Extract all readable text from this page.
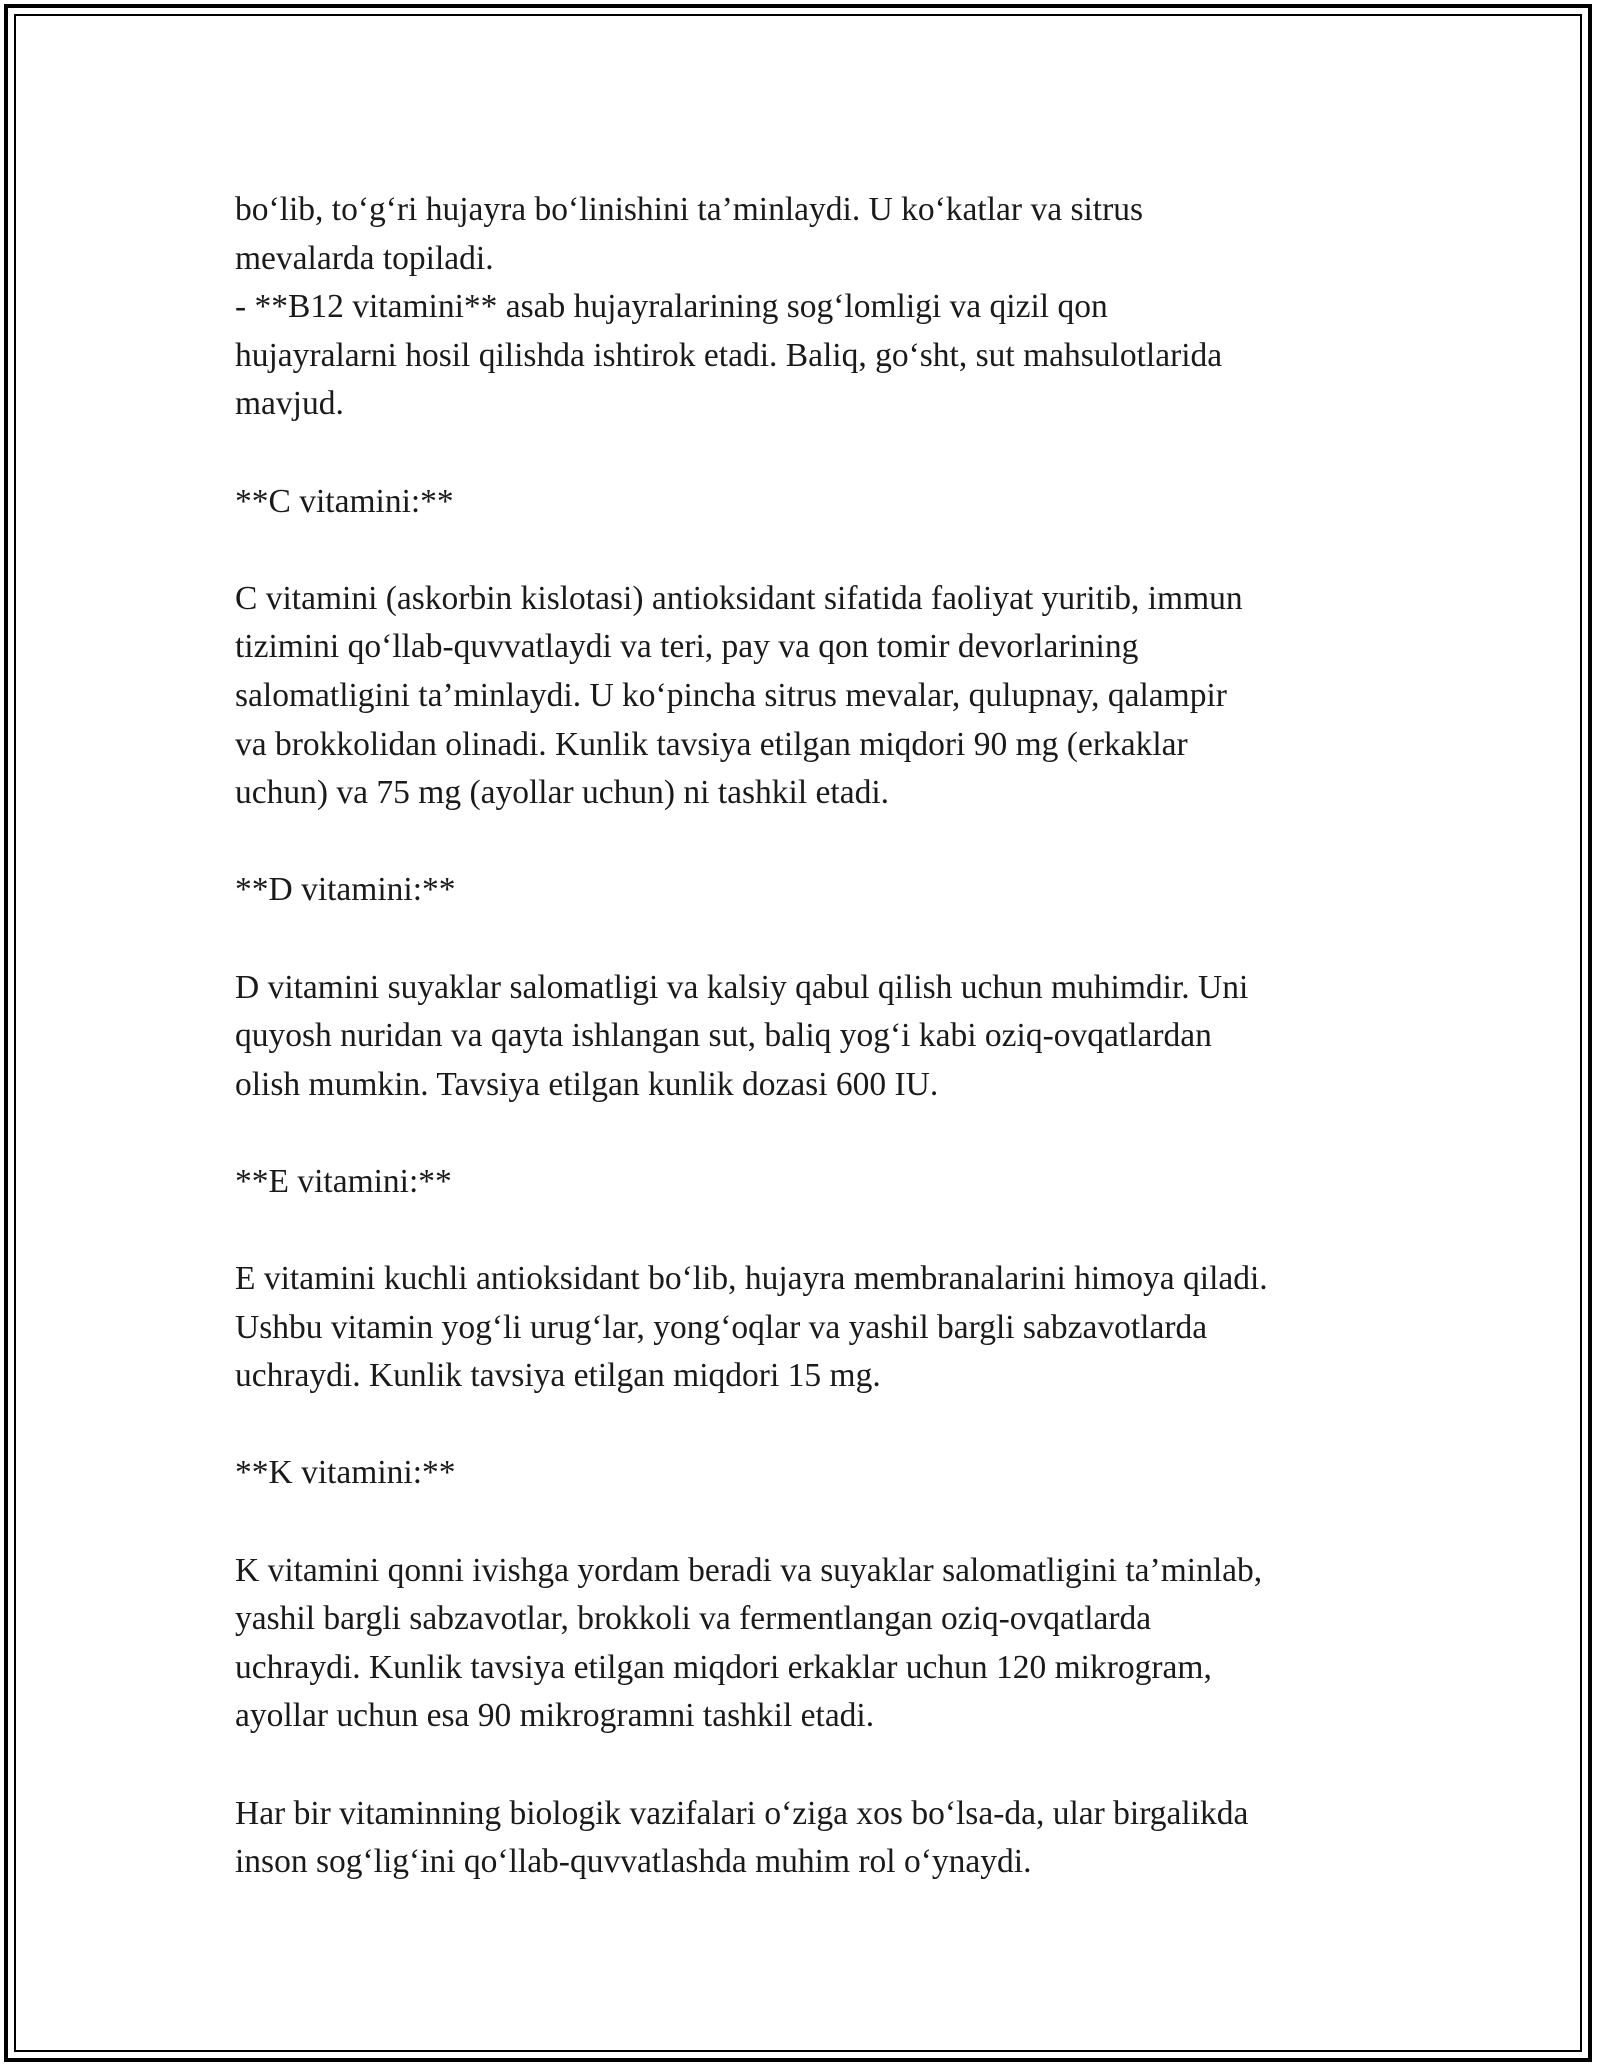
bo‘lib, to‘g‘ri hujayra bo‘linishini ta’minlaydi. U ko‘katlar va sitrus
mevalarda topiladi.
- **B12 vitamini** asab hujayralarining sog‘lomligi va qizil qon
hujayralarni hosil qilishda ishtirok etadi. Baliq, go‘sht, sut mahsulotlarida
mavjud.
**C vitamini:**
C vitamini (askorbin kislotasi) antioksidant sifatida faoliyat yuritib, immun
tizimini qo‘llab-quvvatlaydi va teri, pay va qon tomir devorlarining
salomatligini ta’minlaydi. U ko‘pincha sitrus mevalar, qulupnay, qalampir
va brokkolidan olinadi. Kunlik tavsiya etilgan miqdori 90 mg (erkaklar
uchun) va 75 mg (ayollar uchun) ni tashkil etadi.
**D vitamini:**
D vitamini suyaklar salomatligi va kalsiy qabul qilish uchun muhimdir. Uni
quyosh nuridan va qayta ishlangan sut, baliq yog‘i kabi oziq-ovqatlardan
olish mumkin. Tavsiya etilgan kunlik dozasi 600 IU.
**E vitamini:**
E vitamini kuchli antioksidant bo‘lib, hujayra membranalarini himoya qiladi.
Ushbu vitamin yog‘li urug‘lar, yong‘oqlar va yashil bargli sabzavotlarda
uchraydi. Kunlik tavsiya etilgan miqdori 15 mg.
**K vitamini:**
K vitamini qonni ivishga yordam beradi va suyaklar salomatligini ta’minlab,
yashil bargli sabzavotlar, brokkoli va fermentlangan oziq-ovqatlarda
uchraydi. Kunlik tavsiya etilgan miqdori erkaklar uchun 120 mikrogram,
ayollar uchun esa 90 mikrogramni tashkil etadi.
Har bir vitaminning biologik vazifalari o‘ziga xos bo‘lsa-da, ular birgalikda
inson sog‘lig‘ini qo‘llab-quvvatlashda muhim rol o‘ynaydi.
